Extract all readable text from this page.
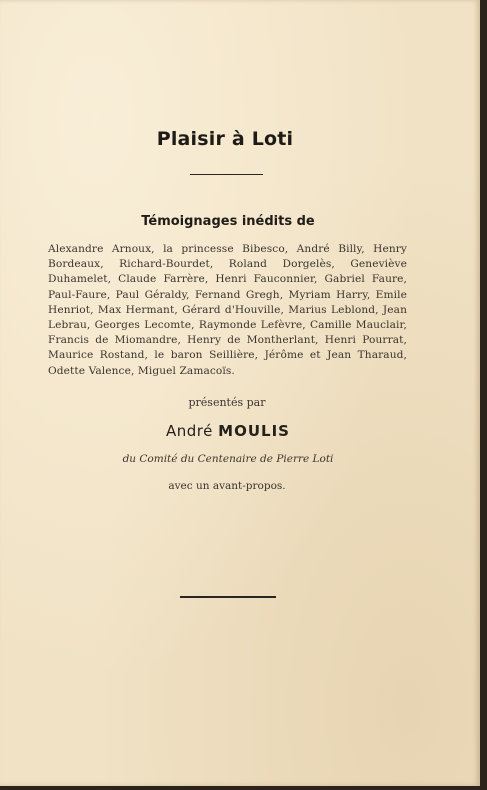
Plaisir à Loti
Témoignages inédits de
Alexandre Arnoux, la princesse Bibesco, André Billy, Henry Bordeaux, Richard-Bourdet, Roland Dorgelès, Geneviève Duhamelet, Claude Farrère, Henri Fauconnier, Gabriel Faure, Paul-Faure, Paul Géraldy, Fernand Gregh, Myriam Harry, Emile Henriot, Max Hermant, Gérard d'Houville, Marius Leblond, Jean Lebrau, Georges Lecomte, Raymonde Lefèvre, Camille Mauclair, Francis de Miomandre, Henry de Montherlant, Henri Pourrat, Maurice Rostand, le baron Seillière, Jérôme et Jean Tharaud, Odette Valence, Miguel Zamacoïs.
présentés par
André MOULIS
du Comité du Centenaire de Pierre Loti
avec un avant-propos.
